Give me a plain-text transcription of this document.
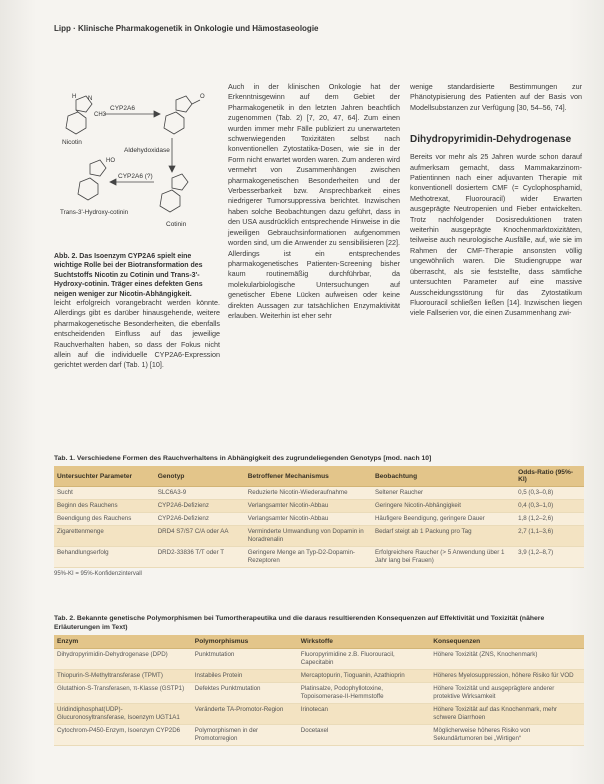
Lipp · Klinische Pharmakogenetik in Onkologie und Hämostaseologie
CYP2A6
Aldehydoxidase
CYP2A6 (?)
Nicotin
Cotinin
Trans-3'-Hydroxy-cotinin
N
CH3
H	O
HO
Abb. 2. Das Isoenzym CYP2A6 spielt eine wichtige Rolle bei der Biotransformation des Suchtstoffs Nicotin zu Cotinin und Trans-3'-Hydroxy-cotinin. Träger eines defekten Gens neigen weniger zur Nicotin-Abhängigkeit.

leicht erfolgreich vorangebracht werden könnte. Allerdings gibt es darüber hinausgehende, weitere pharmakogenetische Besonderheiten, die ebenfalls entscheidenden Einfluss auf das jeweilige Rauchverhalten haben, so dass der Fokus nicht allein auf die individuelle CYP2A6-Expression gerichtet werden darf (Tab. 1) [10].

Auch in der klinischen Onkologie hat der Erkenntnisgewinn auf dem Gebiet der Pharmakogenetik in den letzten Jahren beachtlich zugenommen (Tab. 2) [7, 20, 47, 64]. Zum einen wurden immer mehr Fälle publiziert zu unerwarteten schwerwiegenden Toxizitäten selbst nach konventionellen Zytostatika-Dosen, wie sie in der Form nicht erwartet worden waren. Zum anderen wird vermehrt von Zusammenhängen zwischen pharmakogenetischen Besonderheiten und der Verbesserbarkeit bzw. Ansprechbarkeit eines niedrigerer Tumorsuppressiva berichtet. Inzwischen haben solche Beobachtungen dazu geführt, dass in den USA ausdrücklich entsprechende Hinweise in die jeweiligen Gebrauchsinformationen aufgenommen worden sind, um die Anwender zu sensibilisieren [22]. Allerdings ist ein entsprechendes pharmakogenetisches Patienten-Screening bisher kaum routinemäßig durchführbar, da molekularbiologische Untersuchungen auf genetischer Ebene Lücken aufweisen oder keine direkten Aussagen zur tatsächlichen Enzymaktivität erlauben. Weiterhin ist eher sehr

wenige standardisierte Bestimmungen zur Phänotypisierung des Patienten auf der Basis von Modellsubstanzen zur Verfügung [30, 54–56, 74].

Dihydropyrimidin-Dehydrogenase

Bereits vor mehr als 25 Jahren wurde schon darauf aufmerksam gemacht, dass Mammakarzinom-Patientinnen nach einer adjuvanten Therapie mit konventionell dosiertem CMF (= Cyclophosphamid, Methotrexat, Fluorouracil) wider Erwarten ausgeprägte Neutropenien und Fieber entwickelten. Trotz nachfolgender Dosisreduktionen traten weiterhin ausgeprägte Knochenmarktoxizitäten, teilweise auch neurologische Ausfälle, auf, wie sie im Rahmen der CMF-Therapie ansonsten völlig ungewöhnlich waren. Die Studiengruppe war überrascht, als sie feststellte, dass sämtliche untersuchten Parameter auf eine massive Ausscheidungsstörung für das Zytostatikum Fluorouracil schließen ließen [14]. Inzwischen liegen viele Fallserien vor, die einen Zusammenhang zwi-

Tab. 1. Verschiedene Formen des Rauchverhaltens in Abhängigkeit des zugrundeliegenden Genotyps [mod. nach 10]
Untersuchter Parameter	Genotyp	Betroffener Mechanismus	Beobachtung	Odds-Ratio (95%-KI)
Sucht	SLC6A3-9	Reduzierte Nicotin-Wiederaufnahme	Seltener Raucher	0,5 (0,3–0,8)
Beginn des Rauchens	CYP2A6-Defizienz	Verlangsamter Nicotin-Abbau	Geringere Nicotin-Abhängigkeit	0,4 (0,3–1,0)
Beendigung des Rauchens	CYP2A6-Defizienz	Verlangsamter Nicotin-Abbau	Häufigere Beendigung, geringere Dauer	1,8 (1,2–2,6)
Zigarettenmenge	DRD4 S7/S7 C/A oder AA	Verminderte Umwandlung von Dopamin in Noradrenalin	Bedarf steigt ab 1 Packung pro Tag	2,7 (1,1–3,6)
Behandlungserfolg	DRD2-33836 T/T oder T	Geringere Menge an Typ-D2-Dopamin-Rezeptoren	Erfolgreichere Raucher (> 5 Anwendung über 1 Jahr lang bei Frauen)	3,9 (1,2–8,7)
95%-KI = 95%-Konfidenzintervall
Tab. 2. Bekannte genetische Polymorphismen bei Tumortherapeutika und die daraus resultierenden Konsequenzen auf Effektivität und Toxizität (nähere Erläuterungen im Text)
Enzym	Polymorphismus	Wirkstoffe	Konsequenzen
Dihydropyrimidin-Dehydrogenase (DPD)	Punktmutation	Fluoropyrimidine z.B. Fluorouracil, Capecitabin	Höhere Toxizität (ZNS, Knochenmark)
Thiopurin-S-Methyltransferase (TPMT)	Instabiles Protein	Mercaptopurin, Tioguanin, Azathioprin	Höheres Myelosuppression, höhere Risiko für VOD
Glutathion-S-Transferasen, π-Klasse (GSTP1)	Defektes Punktmutation	Platinsalze, Podophyllotoxine, Topoisomerase-II-Hemmstoffe	Höhere Toxizität und ausgeprägtere anderer protektive Wirksamkeit
Uridindiphosphat(UDP)-Glucuronosyltransferase, Isoenzym UGT1A1	Veränderte TA-Promotor-Region	Irinotecan	Höhere Toxizität auf das Knochenmark, mehr schwere Diarrhoen
Cytochrom-P450-Enzym, Isoenzym CYP2D6	Polymorphismen in der Promotorregion	Docetaxel	Möglicherweise höheres Risiko von Sekundärtumoren bei „Wirtigen“
